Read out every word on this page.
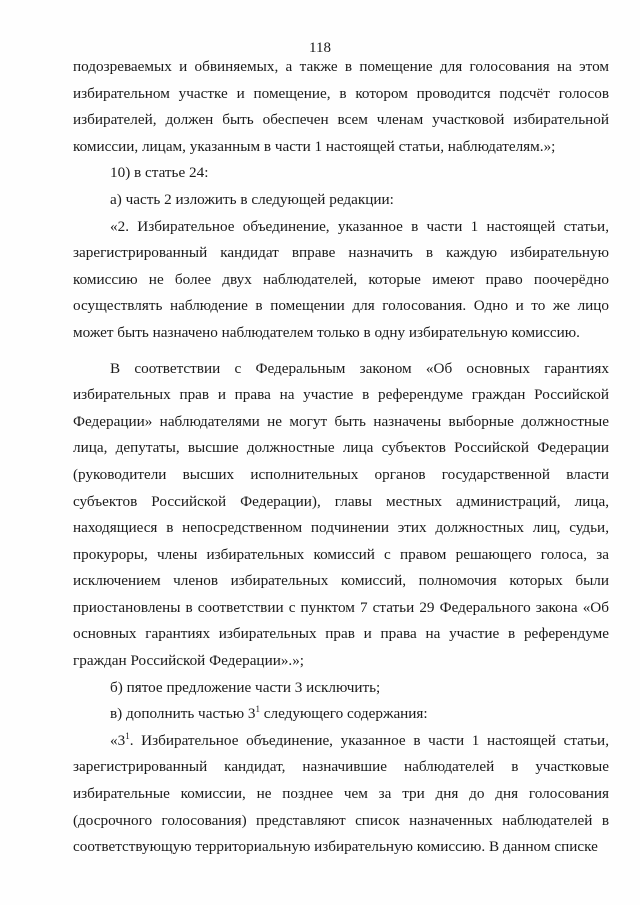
118

подозреваемых и обвиняемых, а также в помещение для голосования на этом избирательном участке и помещение, в котором проводится подсчёт голосов избирателей, должен быть обеспечен всем членам участковой избирательной комиссии, лицам, указанным в части 1 настоящей статьи, наблюдателям.»;

10) в статье 24:

а) часть 2 изложить в следующей редакции:

«2. Избирательное объединение, указанное в части 1 настоящей статьи, зарегистрированный кандидат вправе назначить в каждую избирательную комиссию не более двух наблюдателей, которые имеют право поочерёдно осуществлять наблюдение в помещении для голосования. Одно и то же лицо может быть назначено наблюдателем только в одну избирательную комиссию.

В соответствии с Федеральным законом «Об основных гарантиях избирательных прав и права на участие в референдуме граждан Российской Федерации» наблюдателями не могут быть назначены выборные должностные лица, депутаты, высшие должностные лица субъектов Российской Федерации (руководители высших исполнительных органов государственной власти субъектов Российской Федерации), главы местных администраций, лица, находящиеся в непосредственном подчинении этих должностных лиц, судьи, прокуроры, члены избирательных комиссий с правом решающего голоса, за исключением членов избирательных комиссий, полномочия которых были приостановлены в соответствии с пунктом 7 статьи 29 Федерального закона «Об основных гарантиях избирательных прав и права на участие в референдуме граждан Российской Федерации».»;

б) пятое предложение части 3 исключить;

в) дополнить частью $3^1$ следующего содержания:

«$3^1$. Избирательное объединение, указанное в части 1 настоящей статьи, зарегистрированный кандидат, назначившие наблюдателей в участковые избирательные комиссии, не позднее чем за три дня до дня голосования (досрочного голосования) представляют список назначенных наблюдателей в соответствующую территориальную избирательную комиссию. В данном списке
